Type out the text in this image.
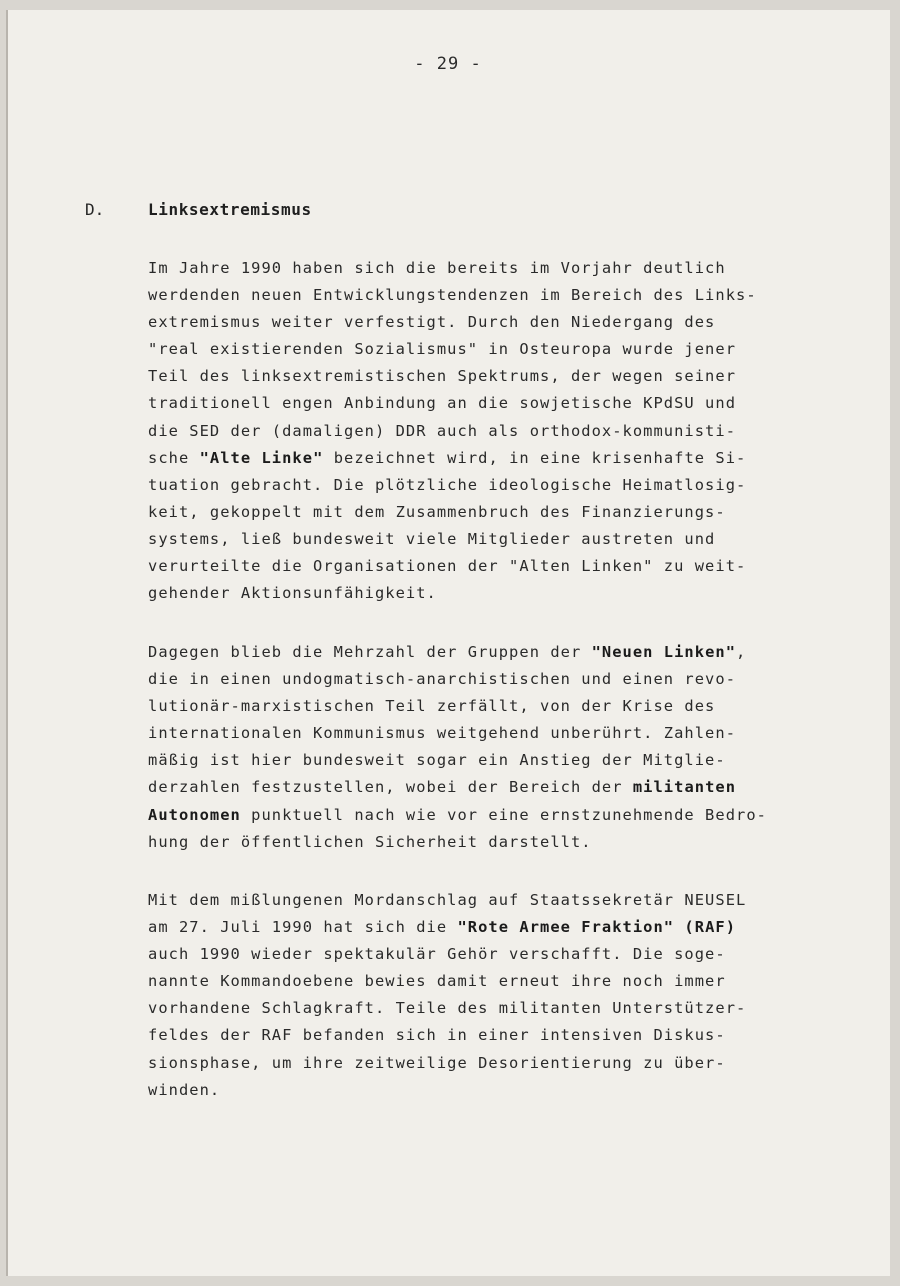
- 29 -
D.	Linksextremismus
Im Jahre 1990 haben sich die bereits im Vorjahr deutlich
werdenden neuen Entwicklungstendenzen im Bereich des Links-
extremismus weiter verfestigt. Durch den Niedergang des
"real existierenden Sozialismus" in Osteuropa wurde jener
Teil des linksextremistischen Spektrums, der wegen seiner
traditionell engen Anbindung an die sowjetische KPdSU und
die SED der (damaligen) DDR auch als orthodox-kommunisti-
sche "Alte Linke" bezeichnet wird, in eine krisenhafte Si-
tuation gebracht. Die plötzliche ideologische Heimatlosig-
keit, gekoppelt mit dem Zusammenbruch des Finanzierungs-
systems, ließ bundesweit viele Mitglieder austreten und
verurteilte die Organisationen der "Alten Linken" zu weit-
gehender Aktionsunfähigkeit.
Dagegen blieb die Mehrzahl der Gruppen der "Neuen Linken",
die in einen undogmatisch-anarchistischen und einen revo-
lutionär-marxistischen Teil zerfällt, von der Krise des
internationalen Kommunismus weitgehend unberührt. Zahlen-
mäßig ist hier bundesweit sogar ein Anstieg der Mitglie-
derzahlen festzustellen, wobei der Bereich der militanten
Autonomen punktuell nach wie vor eine ernstzunehmende Bedro-
hung der öffentlichen Sicherheit darstellt.
Mit dem mißlungenen Mordanschlag auf Staatssekretär NEUSEL
am 27. Juli 1990 hat sich die "Rote Armee Fraktion" (RAF)
auch 1990 wieder spektakulär Gehör verschafft. Die soge-
nannte Kommandoebene bewies damit erneut ihre noch immer
vorhandene Schlagkraft. Teile des militanten Unterstützer-
feldes der RAF befanden sich in einer intensiven Diskus-
sionsphase, um ihre zeitweilige Desorientierung zu über-
winden.
